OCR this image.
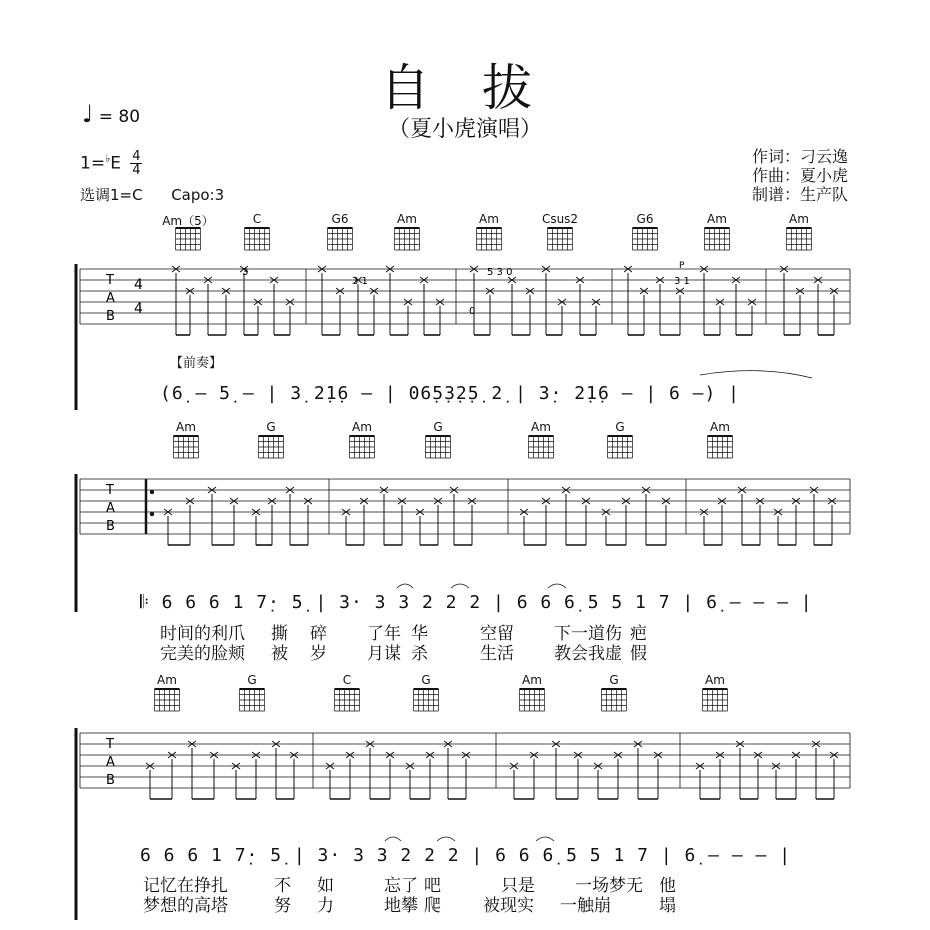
自 拔
（夏小虎演唱）
♩ = 80
$1=^♭E \frac{4}{4}$
选调1=C      Capo:3
作词：刁云逸
作曲：夏小虎
制谱：生产队
Am（5）	C	G6	Am	Am	Csus2	G6	Am	Am
T
A
B
4
4
3
3 1
5 3 0
0
3 1
P
【前奏】
(6̣ – 5̣ – | 3̣ 2̣1̣6 – | 06̣5̣3̣2̣5̣ 2̣ | 3̣· 2̣1̣6 – | 6 –) |
Am	G	Am	G	Am	G	Am
T
A
B
𝄆 6 6 6 1 7̣· 5̣ | 3· 3 3 2 2 2 | 6 6 6̣ 5 5 1 7 | 6̣ – – – |
时间的利爪 撕 碎 了年 华	空留 下一道伤 疤
完美的脸颊 被 岁 月谋 杀	生活 教会我虚 假
Am	G	C	G	Am	G	Am
T
A
B
6 6 6 1 7̣· 5̣ | 3· 3 3 2 2 2 | 6 6 6̣ 5 5 1 7 | 6̣ – – – |
记忆在挣扎	不 如	忘了 吧	只是 一场梦无 他
梦想的高塔	努 力	地攀 爬 被现实 一触崩	塌
